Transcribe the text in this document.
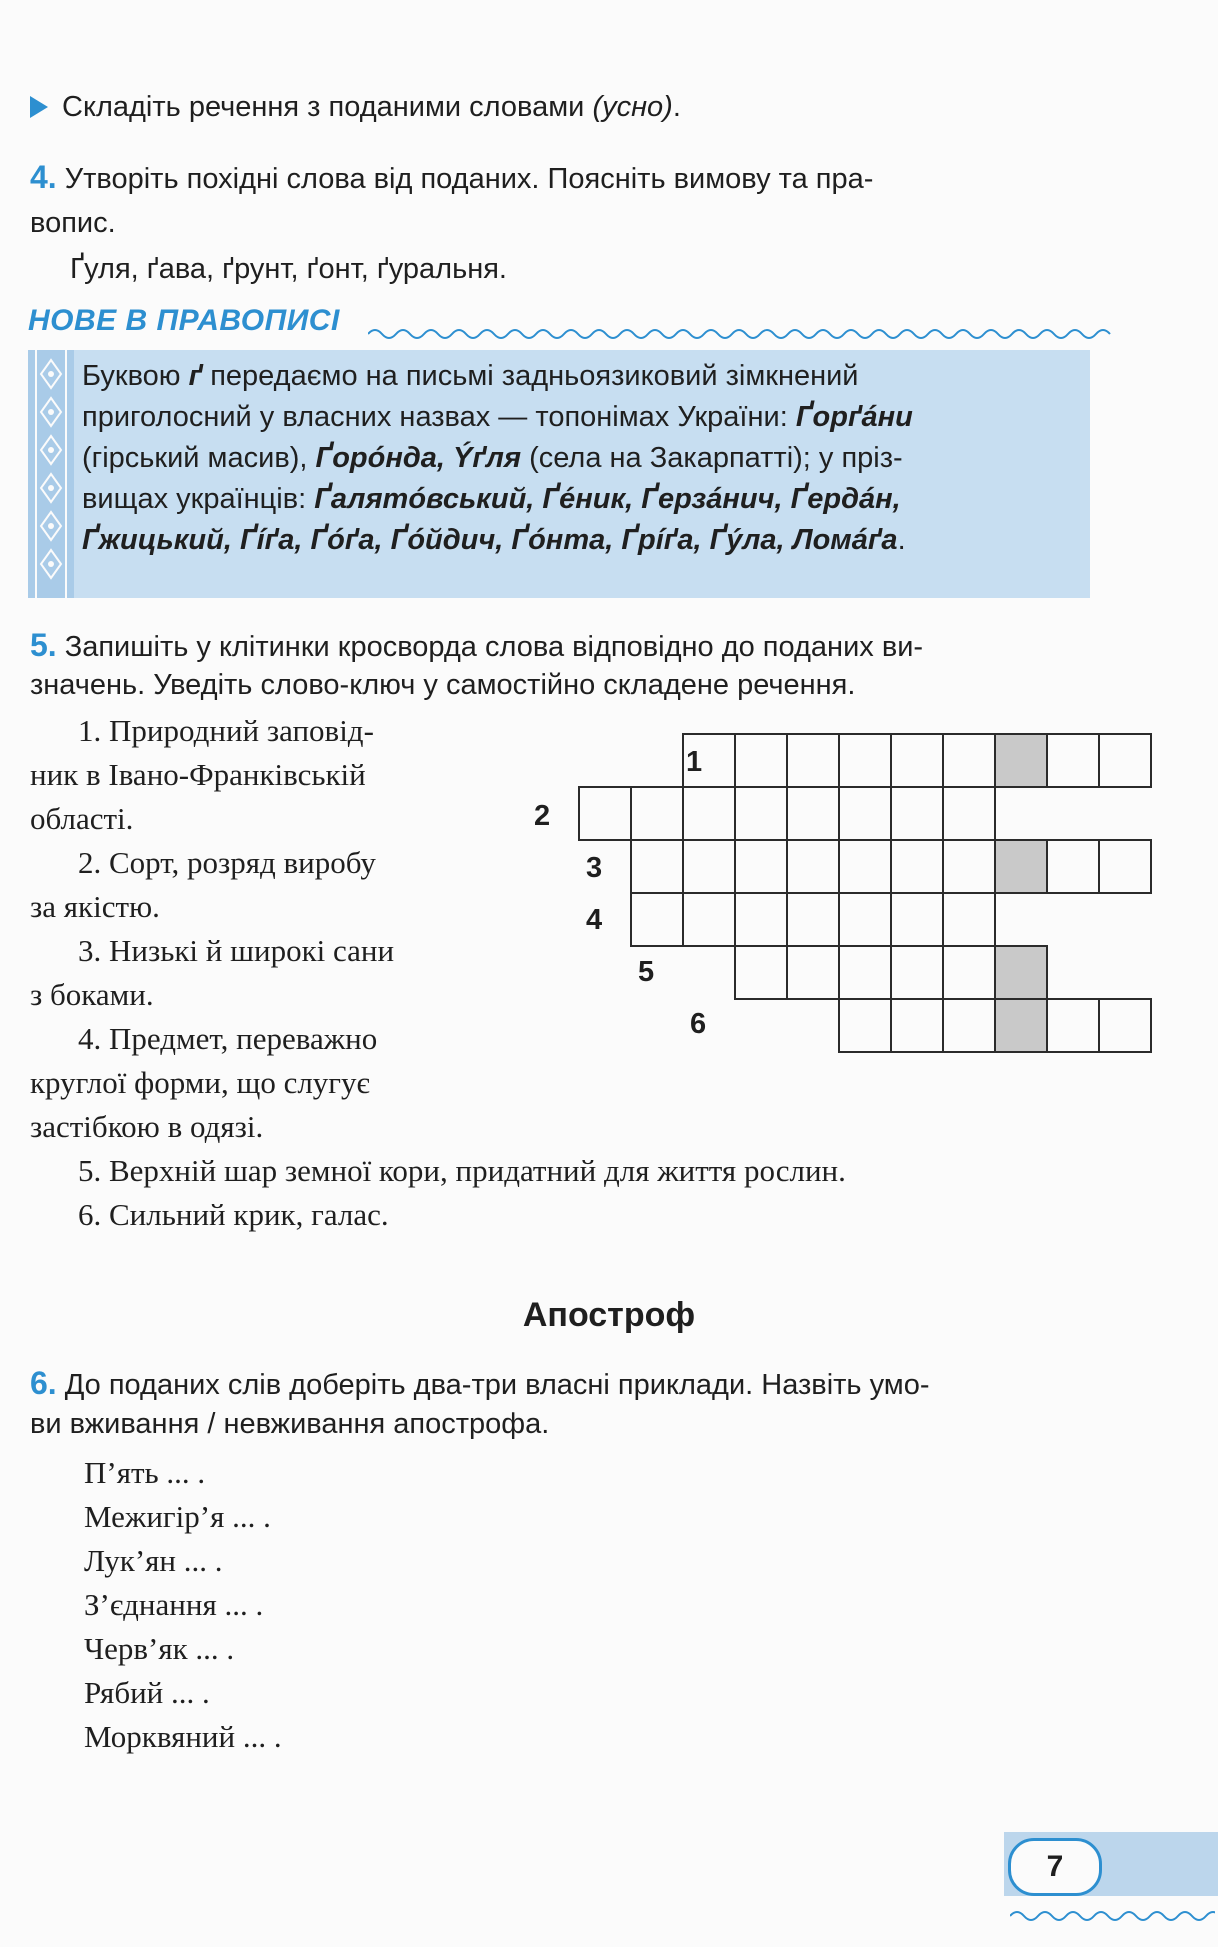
Складіть речення з поданими словами (усно).
4. Утворіть похідні слова від поданих. Поясніть вимову та пра-
вопис.
Ґуля, ґава, ґрунт, ґонт, ґуральня.
НОВЕ В ПРАВОПИСІ
Буквою ґ передаємо на письмі задньоязиковий зімкнений
приголосний у власних назвах — топонімах України: Ґорґáни
(гірський масив), Ґорóнда, Ýґля (села на Закарпатті); у пріз-
вищах українців: Ґалятóвський, Ґéник, Ґерзáнич, Ґердáн,
Ґжицький, Ґíґа, Ґóґа, Ґóйдич, Ґóнта, Ґрíґа, Ґýла, Ломáґа.
5. Запишіть у клітинки кросворда слова відповідно до поданих ви-
значень. Уведіть слово-ключ у самостійно складене речення.
1. Природний заповід-
ник в Івано-Франківській
області.
2. Сорт, розряд виробу
за якістю.
3. Низькі й широкі сани
з боками.
4. Предмет, переважно
круглої форми, що слугує
застібкою в одязі.
5. Верхній шар земної кори, придатний для життя рослин.
6. Сильний крик, галас.
1
2
3
4
5
6
Апостроф
6. До поданих слів доберіть два-три власні приклади. Назвіть умо-
ви вживання / невживання апострофа.
П’ять ... .
Межигір’я ... .
Лук’ян ... .
З’єднання ... .
Черв’як ... .
Рябий ... .
Морквяний ... .
7
